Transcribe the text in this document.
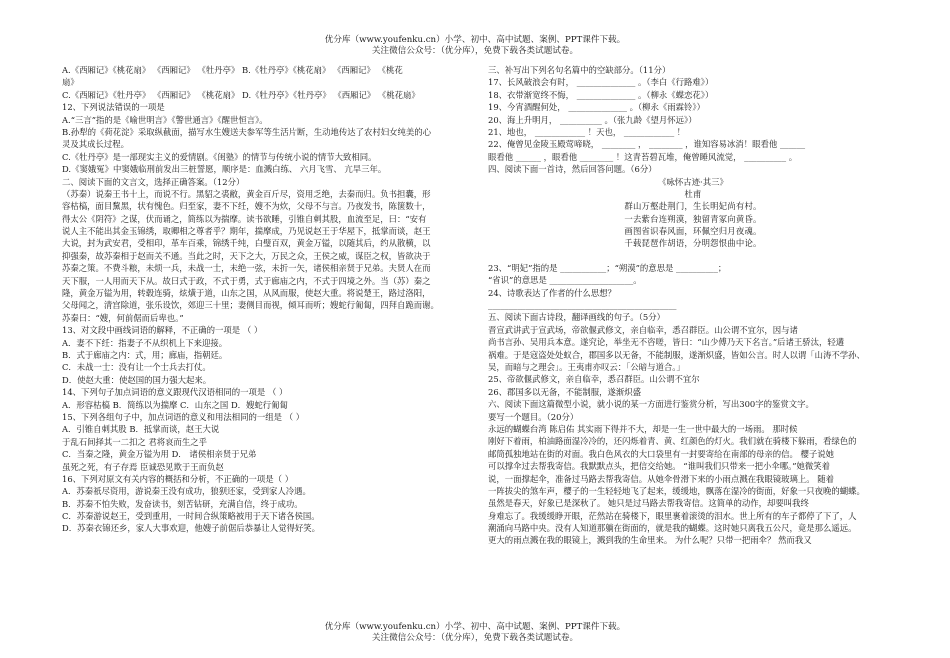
优分库（www.youfenku.cn）小学、初中、高中试题、案例、PPT课件下载。
关注微信公众号：（优分库），免费下载各类试题试卷。
A.《西厢记》《桃花扇》 《西厢记》 《牡丹亭》 B.《牡丹亭》《桃花扇》 《西厢记》 《桃花
扇》
C.《西厢记》《牡丹亭》 《西厢记》 《桃花扇》 D.《牡丹亭》《牡丹亭》 《西厢记》 《桃花扇》
12、下列说法错误的一项是
A.“三言”指的是《喻世明言》《警世通言》《醒世恒言》。
B.孙犁的《荷花淀》采取纵截面，描写水生嫂送夫参军等生活片断，生动地传达了农村妇女纯美的心
灵及其成长过程。
C.《牡丹亭》是一部现实主义的爱情剧。《闺塾》的情节与传统小说的情节大致相同。
D.《窦娥冤》中窦娥临刑前发出三桩誓愿，顺序是：血溅白练、 六月飞雪、 亢旱三年。
二、阅读下面的文言文，选择正确答案。（12分）
（苏秦）说秦王书十上，而说不行。黑貂之裘敝，黄金百斤尽，资用乏绝，去秦而归。负书担囊，形
容枯槁，面目黧黑，状有愧色。归至家，妻不下纴，嫂不为炊，父母不与言。乃夜发书，陈箧数十，
得太公《阴符》之谋，伏而诵之，简练以为揣摩。读书欲睡，引锥自刺其股，血流至足，曰：“安有
说人主不能出其金玉锦绣，取卿相之尊者乎？期年，揣摩成，乃见说赵王于华屋下，抵掌而谈，赵王
大说，封为武安君，受相印，革车百乘，锦绣千纯，白璧百双，黄金万镒，以随其后，约从散横，以
抑强秦，故苏秦相于赵而关不通。当此之时，天下之大，万民之众，王侯之威，谋臣之权，皆欲决于
苏秦之策。不费斗粮，未烦一兵，未战一士，未绝一弦，未折一矢，诸侯相亲贤于兄弟。夫贤人在而
天下服，一人用而天下从。故曰式于政，不式于勇，式于廊庙之内，不式于四境之外。当（苏）秦之
隆，黄金万镒为用，转毂连骑，炫熿于道，山东之国，从风而服，使赵大重。将说楚王，路过洛阳，
父母闻之，清宫除道，张乐设饮，郊迎三十里；妻侧目而视，倾耳而听；嫂蛇行匍匐，四拜自跪而谢。
苏秦曰：“嫂，何前倨而后卑也。”
13、对文段中画线词语的解释，不正确的一项是 （ ）
A．妻不下纴：指妻子不从织机上下来迎接。
B．式于廊庙之内：式，用；廊庙，指朝廷。
C．未战一士：没有让一个士兵去打仗。
D．使赵大重：使赵国的国力强大起来。
14、下列句子加点词语的意义跟现代汉语相同的一项是 （ ）
A．形容枯槁 B．简练以为揣摩 C．山东之国 D．嫂蛇行匍匐
15、下列各组句子中，加点词语的意义和用法相同的一组是 （ ）
A．引锥自刺其股 B．抵掌而谈，赵王大说
于乱石间择其一二扣之 君将哀而生之乎
C．当秦之隆，黄金万镒为用 D． 诸侯相亲贤于兄弟
虽死之死，有子存焉 臣诚恐见欺于王而负赵
16、下列对原文有关内容的概括和分析，不正确的一项是（ ）
A．苏秦祇尽资用，游说秦王没有成功，狼狈还家，受到家人冷遇。
B．苏秦不怕失败，发奋读书，刻苦钻研，充满自信，终于成功。
C．苏秦游说赵王，受到重用，一时间合纵策略被用于天下诸各侯国。
D．苏秦衣锦还乡，家人大事欢迎，他嫂子前倨后恭暴让人觉得好笑。
三、补写出下列名句名篇中的空缺部分。（11分）
17、长风破浪会有时， ______________ 。（李白《行路难》）
18、衣带渐宽终不悔， ______________ 。（柳永《蝶恋花》）
19、今宵酒醒何处， ______________ 。（柳永《雨霖铃》）
20、海上升明月， __________ 。（张九龄《望月怀远》）
21、地也， ____________ ！天也， ____________ ！
22、俺曾见金陵玉殿莺啼晓， ________ ， ________ ，谁知容易冰消！眼看他 ______
眼看他 ______ ，眼看他 ________ ！这青苔碧瓦堆，俺曾睡风流觉， __________ 。
四、阅读下面一首诗，然后回答问题。（6分）
《咏怀古迹·其三》
杜甫
群山万壑赴荆门，生长明妃尚有村。
一去紫台连朔漠，独留青冢向黄昏。
画图省识春风面，环佩空归月夜魂。
千载琵琶作胡语，分明怨恨曲中论。
23、“明妃”指的是 ___________；“朔漠”的意思是 __________；
“省识”的意思是 ____________________。
24、诗歌表达了作者的什么思想？
_____________________________________________
五、阅读下面古诗段，翻译画线的句子。（5分）
晋宣武讲武于宣武场，帝欲偃武修文，亲自临幸，悉召群臣。山公谓不宜尔，因与诸
尚书言孙、吴用兵本意。遂究论，举坐无不咨嗟，皆曰：“山少傅乃天下名言。”后诸王骄汰，轻遘
祸难。于是寇盗处处蚁合，郡国多以无备，不能制服，遂渐炽盛，皆如公言。时人以谓「山涛不学孙、
吴，而暗与之理会」。王夷甫亦叹云：「公暗与道合。」
25、帝欲偃武修文，亲自临幸，悉召群臣。山公谓不宜尔
26、郡国多以无备，不能制服，遂渐炽盛
六、阅读下面这篇微型小说，就小说的某一方面进行鉴赏分析，写出300字的鉴赏文字。
要写一个题目。（20分）
永远的蝴蝶台湾 陈启佑 其实雨下得并不大，却是一生一世中最大的一场雨。 那时候
刚好下着雨，柏油路面湿冷冷的，还闪烁着青、黄、红颜色的灯火。我们就在骑楼下躲雨，看绿色的
邮筒孤独地站在街的对面。我白色风衣的大口袋里有一封要寄给在南部的母亲的信。 樱子说她
可以撑伞过去帮我寄信。我默默点头，把信交给她。 “谁叫我们只带来一把小伞哪。”她微笑着
说，一面撑起伞，准备过马路去帮我寄信。从她伞骨滑下来的小雨点溅在我眼镜玻璃上。 随着
一阵拔尖的煞车声，樱子的一生轻轻地飞了起来，缓缓地，飘落在湿冷的街面，好象一只夜晚的蝴蝶。
虽然是春天，好象已是深秋了。 她只是过马路去帮我寄信。这简单的动作，却要叫我终
身难忘了。我缓缓睁开眼，茫然站在骑楼下，眼里裹着滚烫的泪水。世上所有的车子都停了下了，人
潮涌向马路中央。没有人知道那躺在街面的，就是我的蝴蝶。这时她只离我五公尺，竟是那么遥远。
更大的雨点溅在我的眼镜上，溅到我的生命里来。 为什么呢？只带一把雨伞？ 然而我又
优分库（www.youfenku.cn）小学、初中、高中试题、案例、PPT课件下载。
关注微信公众号：（优分库），免费下载各类试题试卷。
